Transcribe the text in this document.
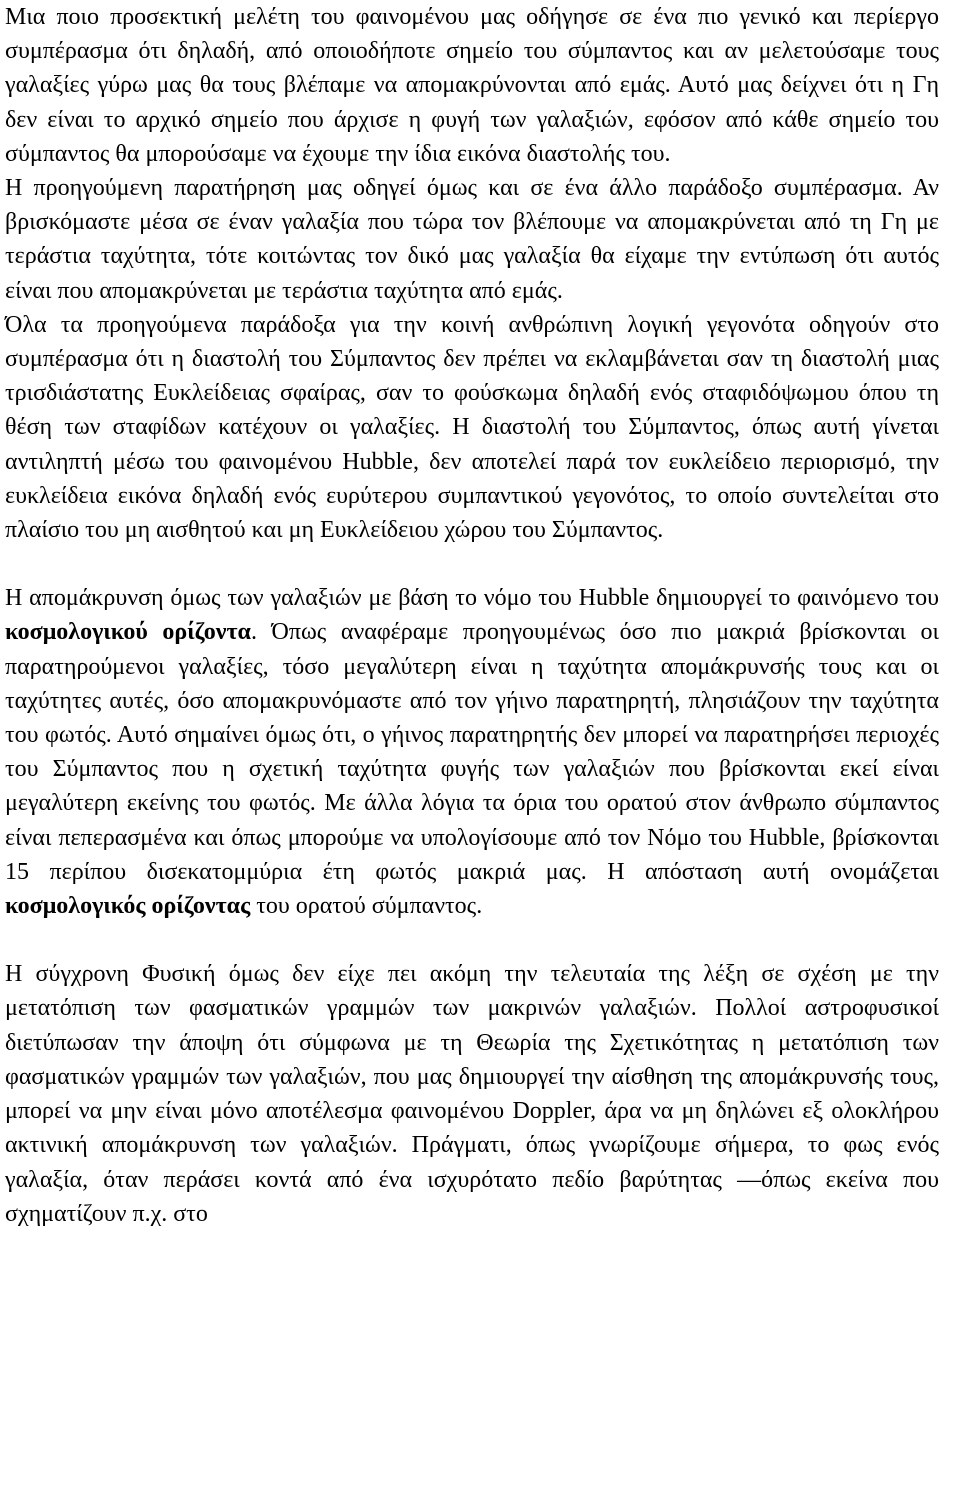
Μια ποιο προσεκτική μελέτη του φαινομένου μας οδήγησε σε ένα πιο γενικό και περίεργο συμπέρασμα ότι δηλαδή, από οποιοδήποτε σημείο του σύμπαντος και αν μελετούσαμε τους γαλαξίες γύρω μας θα τους βλέπαμε να απομακρύνονται από εμάς. Αυτό μας δείχνει ότι η Γη δεν είναι το αρχικό σημείο που άρχισε η φυγή των γαλαξιών, εφόσον από κάθε σημείο του σύμπαντος θα μπορούσαμε να έχουμε την ίδια εικόνα διαστολής του.

Η προηγούμενη παρατήρηση μας οδηγεί όμως και σε ένα άλλο παράδοξο συμπέρασμα. Αν βρισκόμαστε μέσα σε έναν γαλαξία που τώρα τον βλέπουμε να απομακρύνεται από τη Γη με τεράστια ταχύτητα, τότε κοιτώντας τον δικό μας γαλαξία θα είχαμε την εντύπωση ότι αυτός είναι που απομακρύνεται με τεράστια ταχύτητα από εμάς.

Όλα τα προηγούμενα παράδοξα για την κοινή ανθρώπινη λογική γεγονότα οδηγούν στο συμπέρασμα ότι η διαστολή του Σύμπαντος δεν πρέπει να εκλαμβάνεται σαν τη διαστολή μιας τρισδιάστατης Ευκλείδειας σφαίρας, σαν το φούσκωμα δηλαδή ενός σταφιδόψωμου όπου τη θέση των σταφίδων κατέχουν οι γαλαξίες. Η διαστολή του Σύμπαντος, όπως αυτή γίνεται αντιληπτή μέσω του φαινομένου Hubble, δεν αποτελεί παρά τον ευκλείδειο περιορισμό, την ευκλείδεια εικόνα δηλαδή ενός ευρύτερου συμπαντικού γεγονότος, το οποίο συντελείται στο πλαίσιο του μη αισθητού και μη Ευκλείδειου χώρου του Σύμπαντος.

Η απομάκρυνση όμως των γαλαξιών με βάση το νόμο του Hubble δημιουργεί το φαινόμενο του κοσμολογικού ορίζοντα. Όπως αναφέραμε προηγουμένως όσο πιο μακριά βρίσκονται οι παρατηρούμενοι γαλαξίες, τόσο μεγαλύτερη είναι η ταχύτητα απομάκρυνσής τους και οι ταχύτητες αυτές, όσο απομακρυνόμαστε από τον γήινο παρατηρητή, πλησιάζουν την ταχύτητα του φωτός. Αυτό σημαίνει όμως ότι, ο γήινος παρατηρητής δεν μπορεί να παρατηρήσει περιοχές του Σύμπαντος που η σχετική ταχύτητα φυγής των γαλαξιών που βρίσκονται εκεί είναι μεγαλύτερη εκείνης του φωτός. Με άλλα λόγια τα όρια του ορατού στον άνθρωπο σύμπαντος είναι πεπερασμένα και όπως μπορούμε να υπολογίσουμε από τον Νόμο του Hubble, βρίσκονται 15 περίπου δισεκατομμύρια έτη φωτός μακριά μας. Η απόσταση αυτή ονομάζεται κοσμολογικός ορίζοντας του ορατού σύμπαντος.

Η σύγχρονη Φυσική όμως δεν είχε πει ακόμη την τελευταία της λέξη σε σχέση με την μετατόπιση των φασματικών γραμμών των μακρινών γαλαξιών. Πολλοί αστροφυσικοί διετύπωσαν την άποψη ότι σύμφωνα με τη Θεωρία της Σχετικότητας η μετατόπιση των φασματικών γραμμών των γαλαξιών, που μας δημιουργεί την αίσθηση της απομάκρυνσής τους, μπορεί να μην είναι μόνο αποτέλεσμα φαινομένου Doppler, άρα να μη δηλώνει εξ ολοκλήρου ακτινική απομάκρυνση των γαλαξιών. Πράγματι, όπως γνωρίζουμε σήμερα, το φως ενός γαλαξία, όταν περάσει κοντά από ένα ισχυρότατο πεδίο βαρύτητας —όπως εκείνα που σχηματίζουν π.χ. στο
